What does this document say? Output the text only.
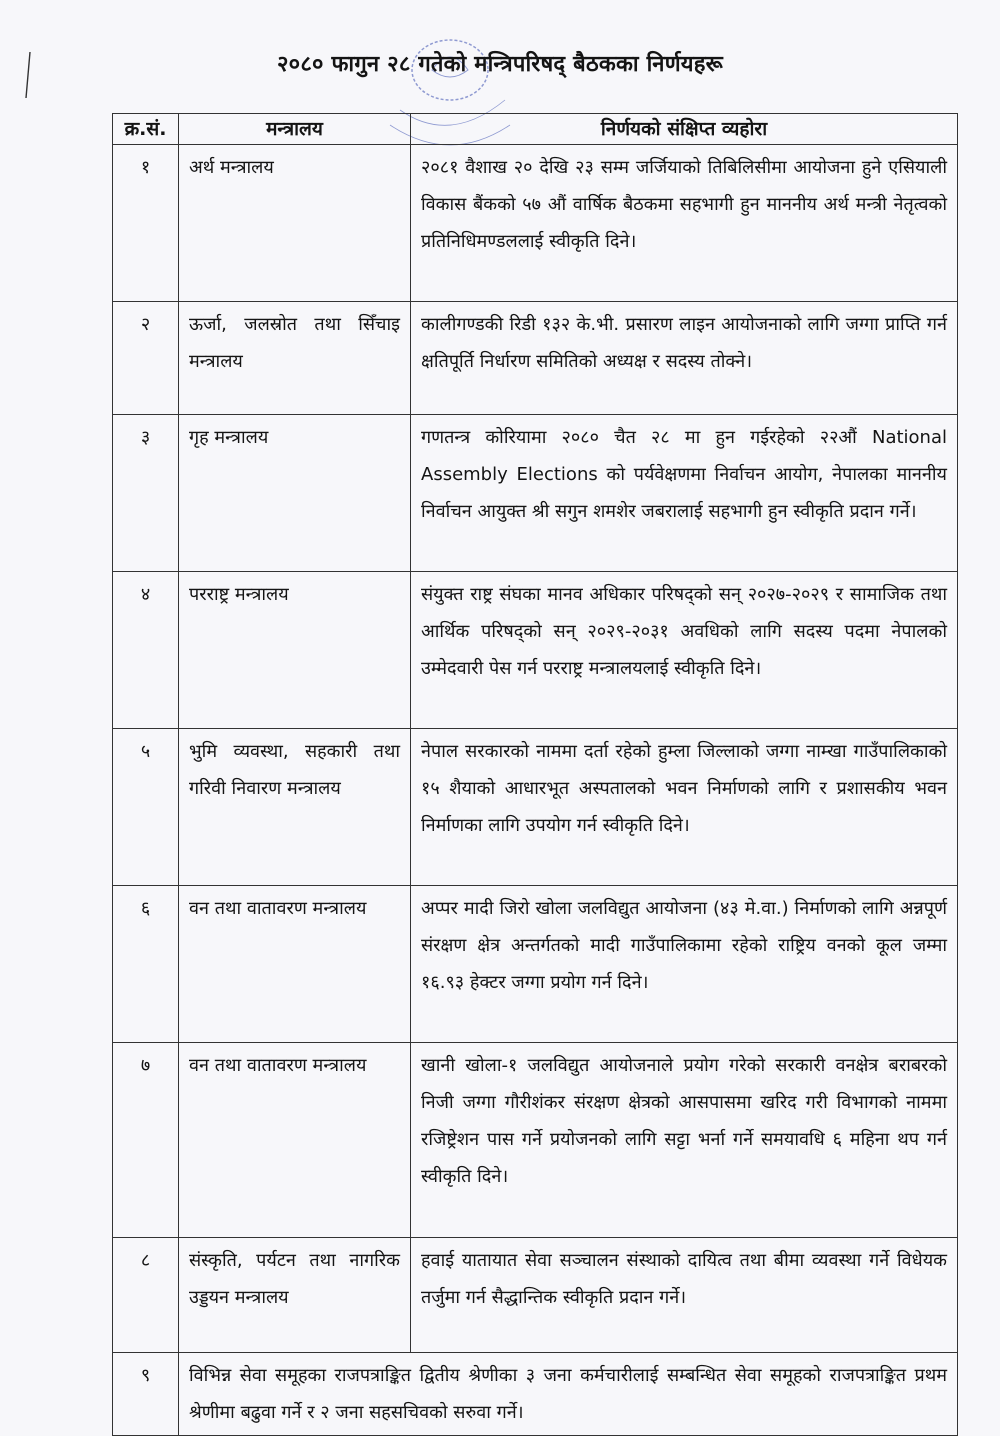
२०८० फागुन २८ गतेको मन्त्रिपरिषद् बैठकका निर्णयहरू
क्र.सं.	मन्त्रालय	निर्णयको संक्षिप्त व्यहोरा
१	अर्थ मन्त्रालय	२०८१ वैशाख २० देखि २३ सम्म जर्जियाको तिबिलिसीमा आयोजना हुने एसियाली विकास बैंकको ५७ औं वार्षिक बैठकमा सहभागी हुन माननीय अर्थ मन्त्री नेतृत्वको प्रतिनिधिमण्डललाई स्वीकृति दिने।
२	ऊर्जा, जलस्रोत तथा सिँचाइ मन्त्रालय	कालीगण्डकी रिडी १३२ के.भी. प्रसारण लाइन आयोजनाको लागि जग्गा प्राप्ति गर्न क्षतिपूर्ति निर्धारण समितिको अध्यक्ष र सदस्य तोक्ने।
३	गृह मन्त्रालय	गणतन्त्र कोरियामा २०८० चैत २८ मा हुन गईरहेको २२औं National Assembly Elections को पर्यवेक्षणमा निर्वाचन आयोग, नेपालका माननीय निर्वाचन आयुक्त श्री सगुन शमशेर जबरालाई सहभागी हुन स्वीकृति प्रदान गर्ने।
४	परराष्ट्र मन्त्रालय	संयुक्त राष्ट्र संघका मानव अधिकार परिषद्को सन् २०२७-२०२९ र सामाजिक तथा आर्थिक परिषद्को सन् २०२९-२०३१ अवधिको लागि सदस्य पदमा नेपालको उम्मेदवारी पेस गर्न परराष्ट्र मन्त्रालयलाई स्वीकृति दिने।
५	भुमि व्यवस्था, सहकारी तथा गरिवी निवारण मन्त्रालय	नेपाल सरकारको नाममा दर्ता रहेको हुम्ला जिल्लाको जग्गा नाम्खा गाउँपालिकाको १५ शैयाको आधारभूत अस्पतालको भवन निर्माणको लागि र प्रशासकीय भवन निर्माणका लागि उपयोग गर्न स्वीकृति दिने।
६	वन तथा वातावरण मन्त्रालय	अप्पर मादी जिरो खोला जलविद्युत आयोजना (४३ मे.वा.) निर्माणको लागि अन्नपूर्ण संरक्षण क्षेत्र अन्तर्गतको मादी गाउँपालिकामा रहेको राष्ट्रिय वनको कूल जम्मा १६.९३ हेक्टर जग्गा प्रयोग गर्न दिने।
७	वन तथा वातावरण मन्त्रालय	खानी खोला-१ जलविद्युत आयोजनाले प्रयोग गरेको सरकारी वनक्षेत्र बराबरको निजी जग्गा गौरीशंकर संरक्षण क्षेत्रको आसपासमा खरिद गरी विभागको नाममा रजिष्ट्रेशन पास गर्ने प्रयोजनको लागि सट्टा भर्ना गर्ने समयावधि ६ महिना थप गर्न स्वीकृति दिने।
८	संस्कृति, पर्यटन तथा नागरिक उड्डयन मन्त्रालय	हवाई यातायात सेवा सञ्चालन संस्थाको दायित्व तथा बीमा व्यवस्था गर्ने विधेयक तर्जुमा गर्न सैद्धान्तिक स्वीकृति प्रदान गर्ने।
९	विभिन्न सेवा समूहका राजपत्राङ्कित द्वितीय श्रेणीका ३ जना कर्मचारीलाई सम्बन्धित सेवा समूहको राजपत्राङ्कित प्रथम श्रेणीमा बढुवा गर्ने र २ जना सहसचिवको सरुवा गर्ने।	
